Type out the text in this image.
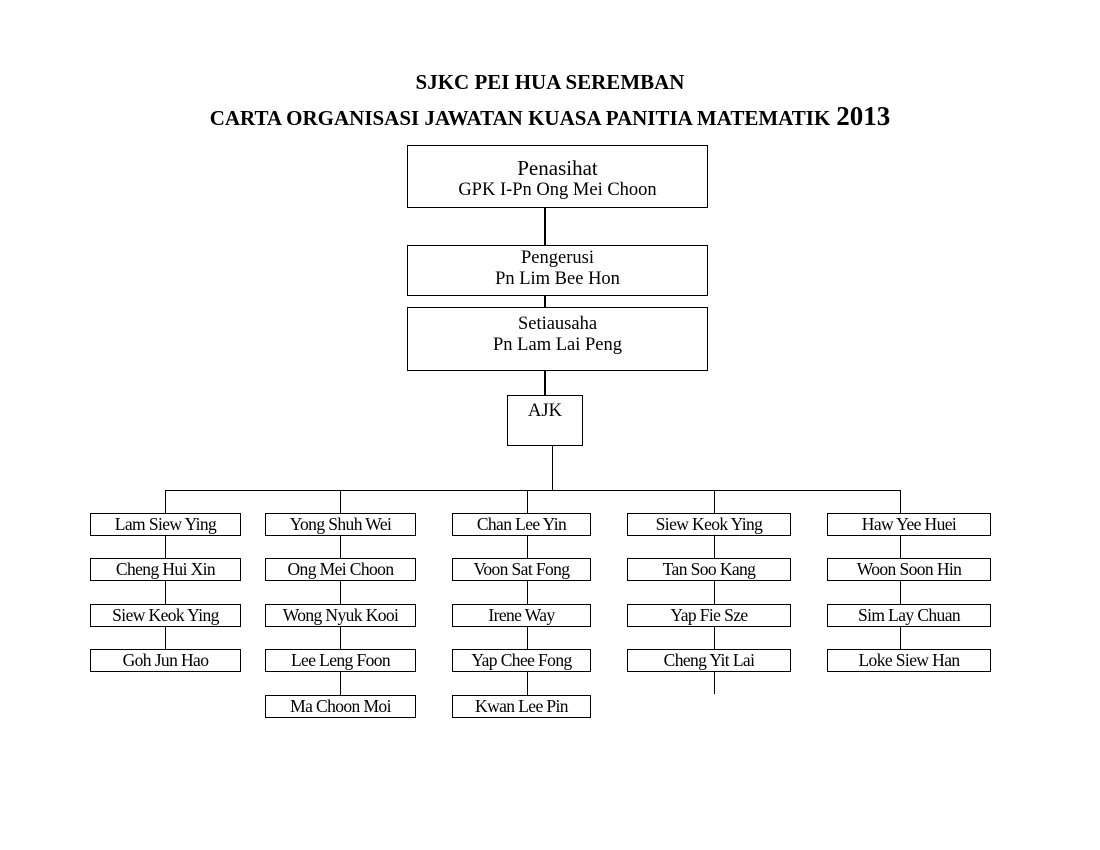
SJKC PEI HUA SEREMBAN
CARTA ORGANISASI JAWATAN KUASA PANITIA MATEMATIK 2013
Penasihat
GPK I-Pn Ong Mei Choon
Pengerusi
Pn Lim Bee Hon
Setiausaha
Pn Lam Lai Peng
AJK
Lam Siew Ying
Cheng Hui Xin
Siew Keok Ying
Goh Jun Hao
Yong Shuh Wei
Ong Mei Choon
Wong Nyuk Kooi
Lee Leng Foon
Ma Choon Moi
Chan Lee Yin
Voon Sat Fong
Irene Way
Yap Chee Fong
Kwan Lee Pin
Siew Keok Ying
Tan Soo Kang
Yap Fie Sze
Cheng Yit Lai
Haw Yee Huei
Woon Soon Hin
Sim Lay Chuan
Loke Siew Han
